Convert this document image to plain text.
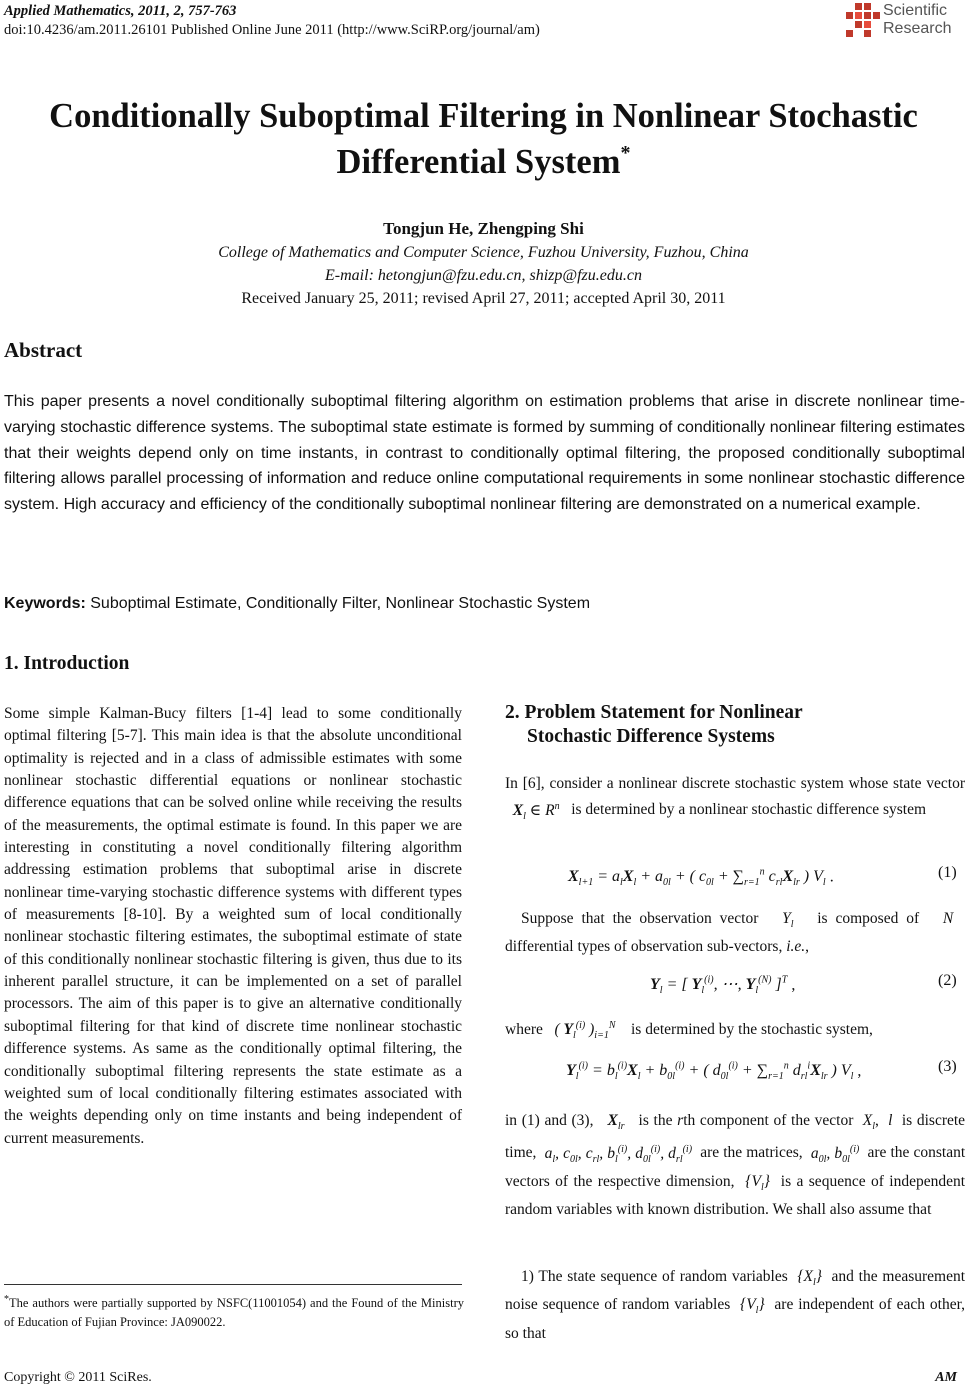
Applied Mathematics, 2011, 2, 757-763
doi:10.4236/am.2011.26101 Published Online June 2011 (http://www.SciRP.org/journal/am)
Scientific
Research
Conditionally Suboptimal Filtering in Nonlinear Stochastic
Differential System*
Tongjun He, Zhengping Shi
College of Mathematics and Computer Science, Fuzhou University, Fuzhou, China
E-mail: hetongjun@fzu.edu.cn, shizp@fzu.edu.cn
Received January 25, 2011; revised April 27, 2011; accepted April 30, 2011
Abstract
This paper presents a novel conditionally suboptimal filtering algorithm on estimation problems that arise in discrete nonlinear time-varying stochastic difference systems. The suboptimal state estimate is formed by summing of conditionally nonlinear filtering estimates that their weights depend only on time instants, in contrast to conditionally optimal filtering, the proposed conditionally suboptimal filtering allows parallel processing of information and reduce online computational requirements in some nonlinear stochastic difference system. High accuracy and efficiency of the conditionally suboptimal nonlinear filtering are demonstrated on a numerical example.
Keywords: Suboptimal Estimate, Conditionally Filter, Nonlinear Stochastic System
1. Introduction
Some simple Kalman-Bucy filters [1-4] lead to some conditionally optimal filtering [5-7]. This main idea is that the absolute unconditional optimality is rejected and in a class of admissible estimates with some nonlinear stochastic differential equations or nonlinear stochastic difference equations that can be solved online while receiving the results of the measurements, the optimal estimate is found. In this paper we are interesting in constituting a novel conditionally filtering algorithm addressing estimation problems that suboptimal arise in discrete nonlinear time-varying stochastic difference systems with different types of measurements [8-10]. By a weighted sum of local conditionally nonlinear stochastic filtering estimates, the suboptimal estimate of state of this conditionally nonlinear stochastic filtering is given, thus due to its inherent parallel structure, it can be implemented on a set of parallel processors. The aim of this paper is to give an alternative conditionally suboptimal filtering for that kind of discrete time nonlinear stochastic difference systems. As same as the conditionally optimal filtering, the conditionally suboptimal filtering represents the state estimate as a weighted sum of local conditionally filtering estimates associated with the weights depending only on time instants and being independent of current measurements.
*The authors were partially supported by NSFC(11001054) and the Found of the Ministry of Education of Fujian Province: JA090022.
2. Problem Statement for Nonlinear
Stochastic Difference Systems
In [6], consider a nonlinear discrete stochastic system whose state vector   $X_l$ ∈ $R^n$ is determined by a nonlinear stochastic difference system
$X_{l+1} = a_lX_l + a_{0l}$ + ( $c_{0l} + \sum_{r=1}^n$ $c_{rl}X_{lr}$ ) $V_l$ .	(1)
Suppose that the observation vector   $Y_l$ is composed of   N   differential types of observation sub-vectors, i.e.,
$Y_l$ = [ $Y_l^{(i)}$, ⋯, $Y_l^{(N)}$ ]$^T$ ,	(2)
where   ( $Y_l^{(i)}$ )$_{i=1}^N$ is determined by the stochastic system,
$Y_l^{(i)} = b_l^{(i)}X_l + b_{0l}^{(i)}$ + ( $d_{0l}^{(i)} + \sum_{r=1}^n$ $d_{rl}^iX_{lr}$ ) $V_l$ ,	(3)
in (1) and (3), $X_{lr}$ is the rth component of the vector  $X_l$,  l  is discrete time,  $a_l$, $c_{0l}$, $c_{rl}$, $b_l^{(i)}$, $d_{0l}^{(i)}$, $d_{rl}^{(i)}$ are the matrices,  $a_{0l}$, $b_{0l}^{(i)}$ are the constant vectors of the respective dimension,  $\{V_l\}$  is a sequence of independent random variables with known distribution. We shall also assume that
1) The state sequence of random variables  $\{X_l\}$  and the measurement noise sequence of random variables  $\{V_l\}$  are independent of each other, so that
Copyright © 2011 SciRes.	AM
